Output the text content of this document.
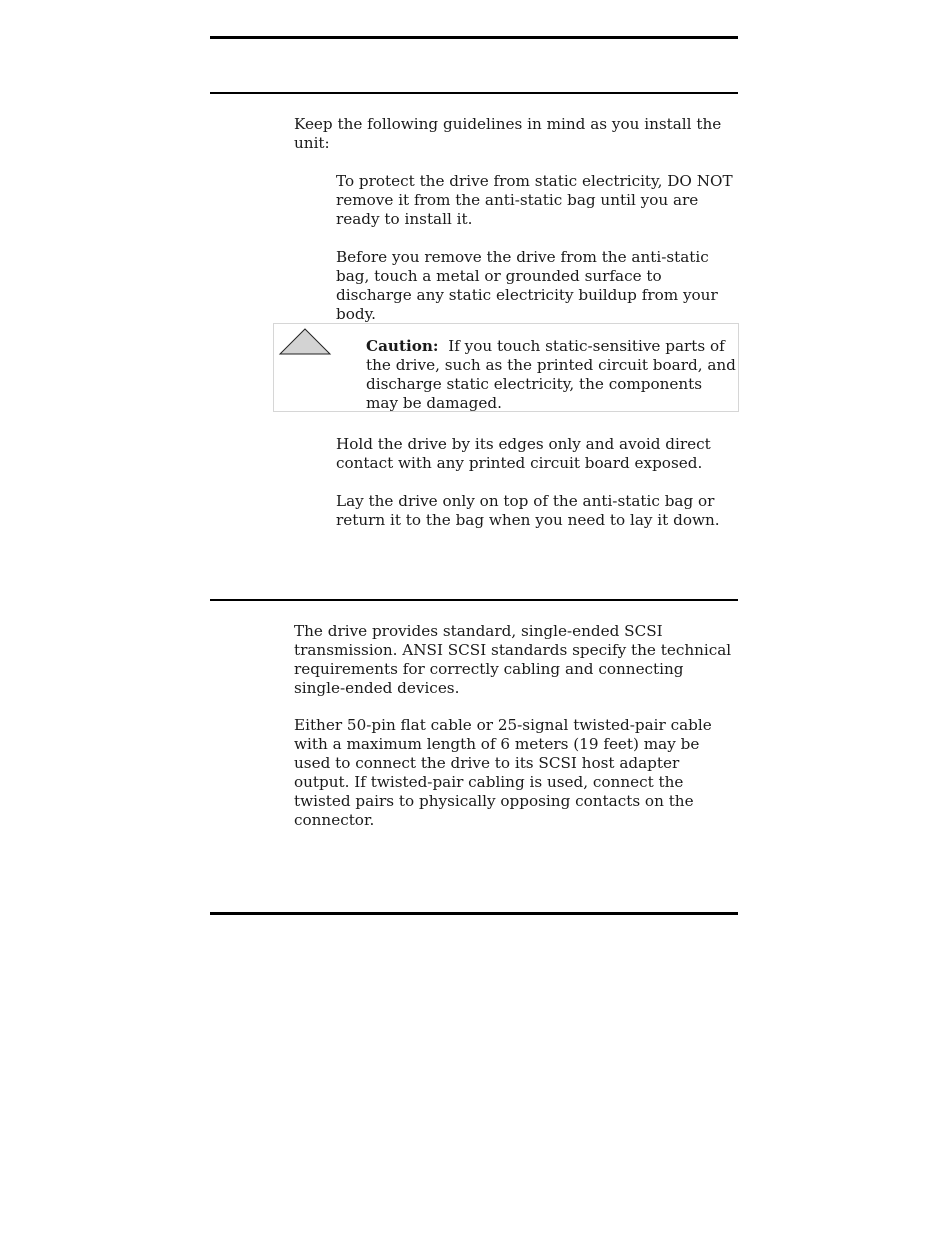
Keep the following guidelines in mind as you install the unit:

To protect the drive from static electricity, DO NOT remove it from the anti-static bag until you are ready to install it.

Before you remove the drive from the anti-static bag, touch a metal or grounded surface to discharge any static electricity buildup from your body.

Caution: If you touch static-sensitive parts of the drive, such as the printed circuit board, and discharge static electricity, the components may be damaged.

Hold the drive by its edges only and avoid direct contact with any printed circuit board exposed.

Lay the drive only on top of the anti-static bag or return it to the bag when you need to lay it down.

The drive provides standard, single-ended SCSI transmission. ANSI SCSI standards specify the technical requirements for correctly cabling and connecting single-ended devices.

Either 50-pin flat cable or 25-signal twisted-pair cable with a maximum length of 6 meters (19 feet) may be used to connect the drive to its SCSI host adapter output. If twisted-pair cabling is used, connect the twisted pairs to physically opposing contacts on the connector.
